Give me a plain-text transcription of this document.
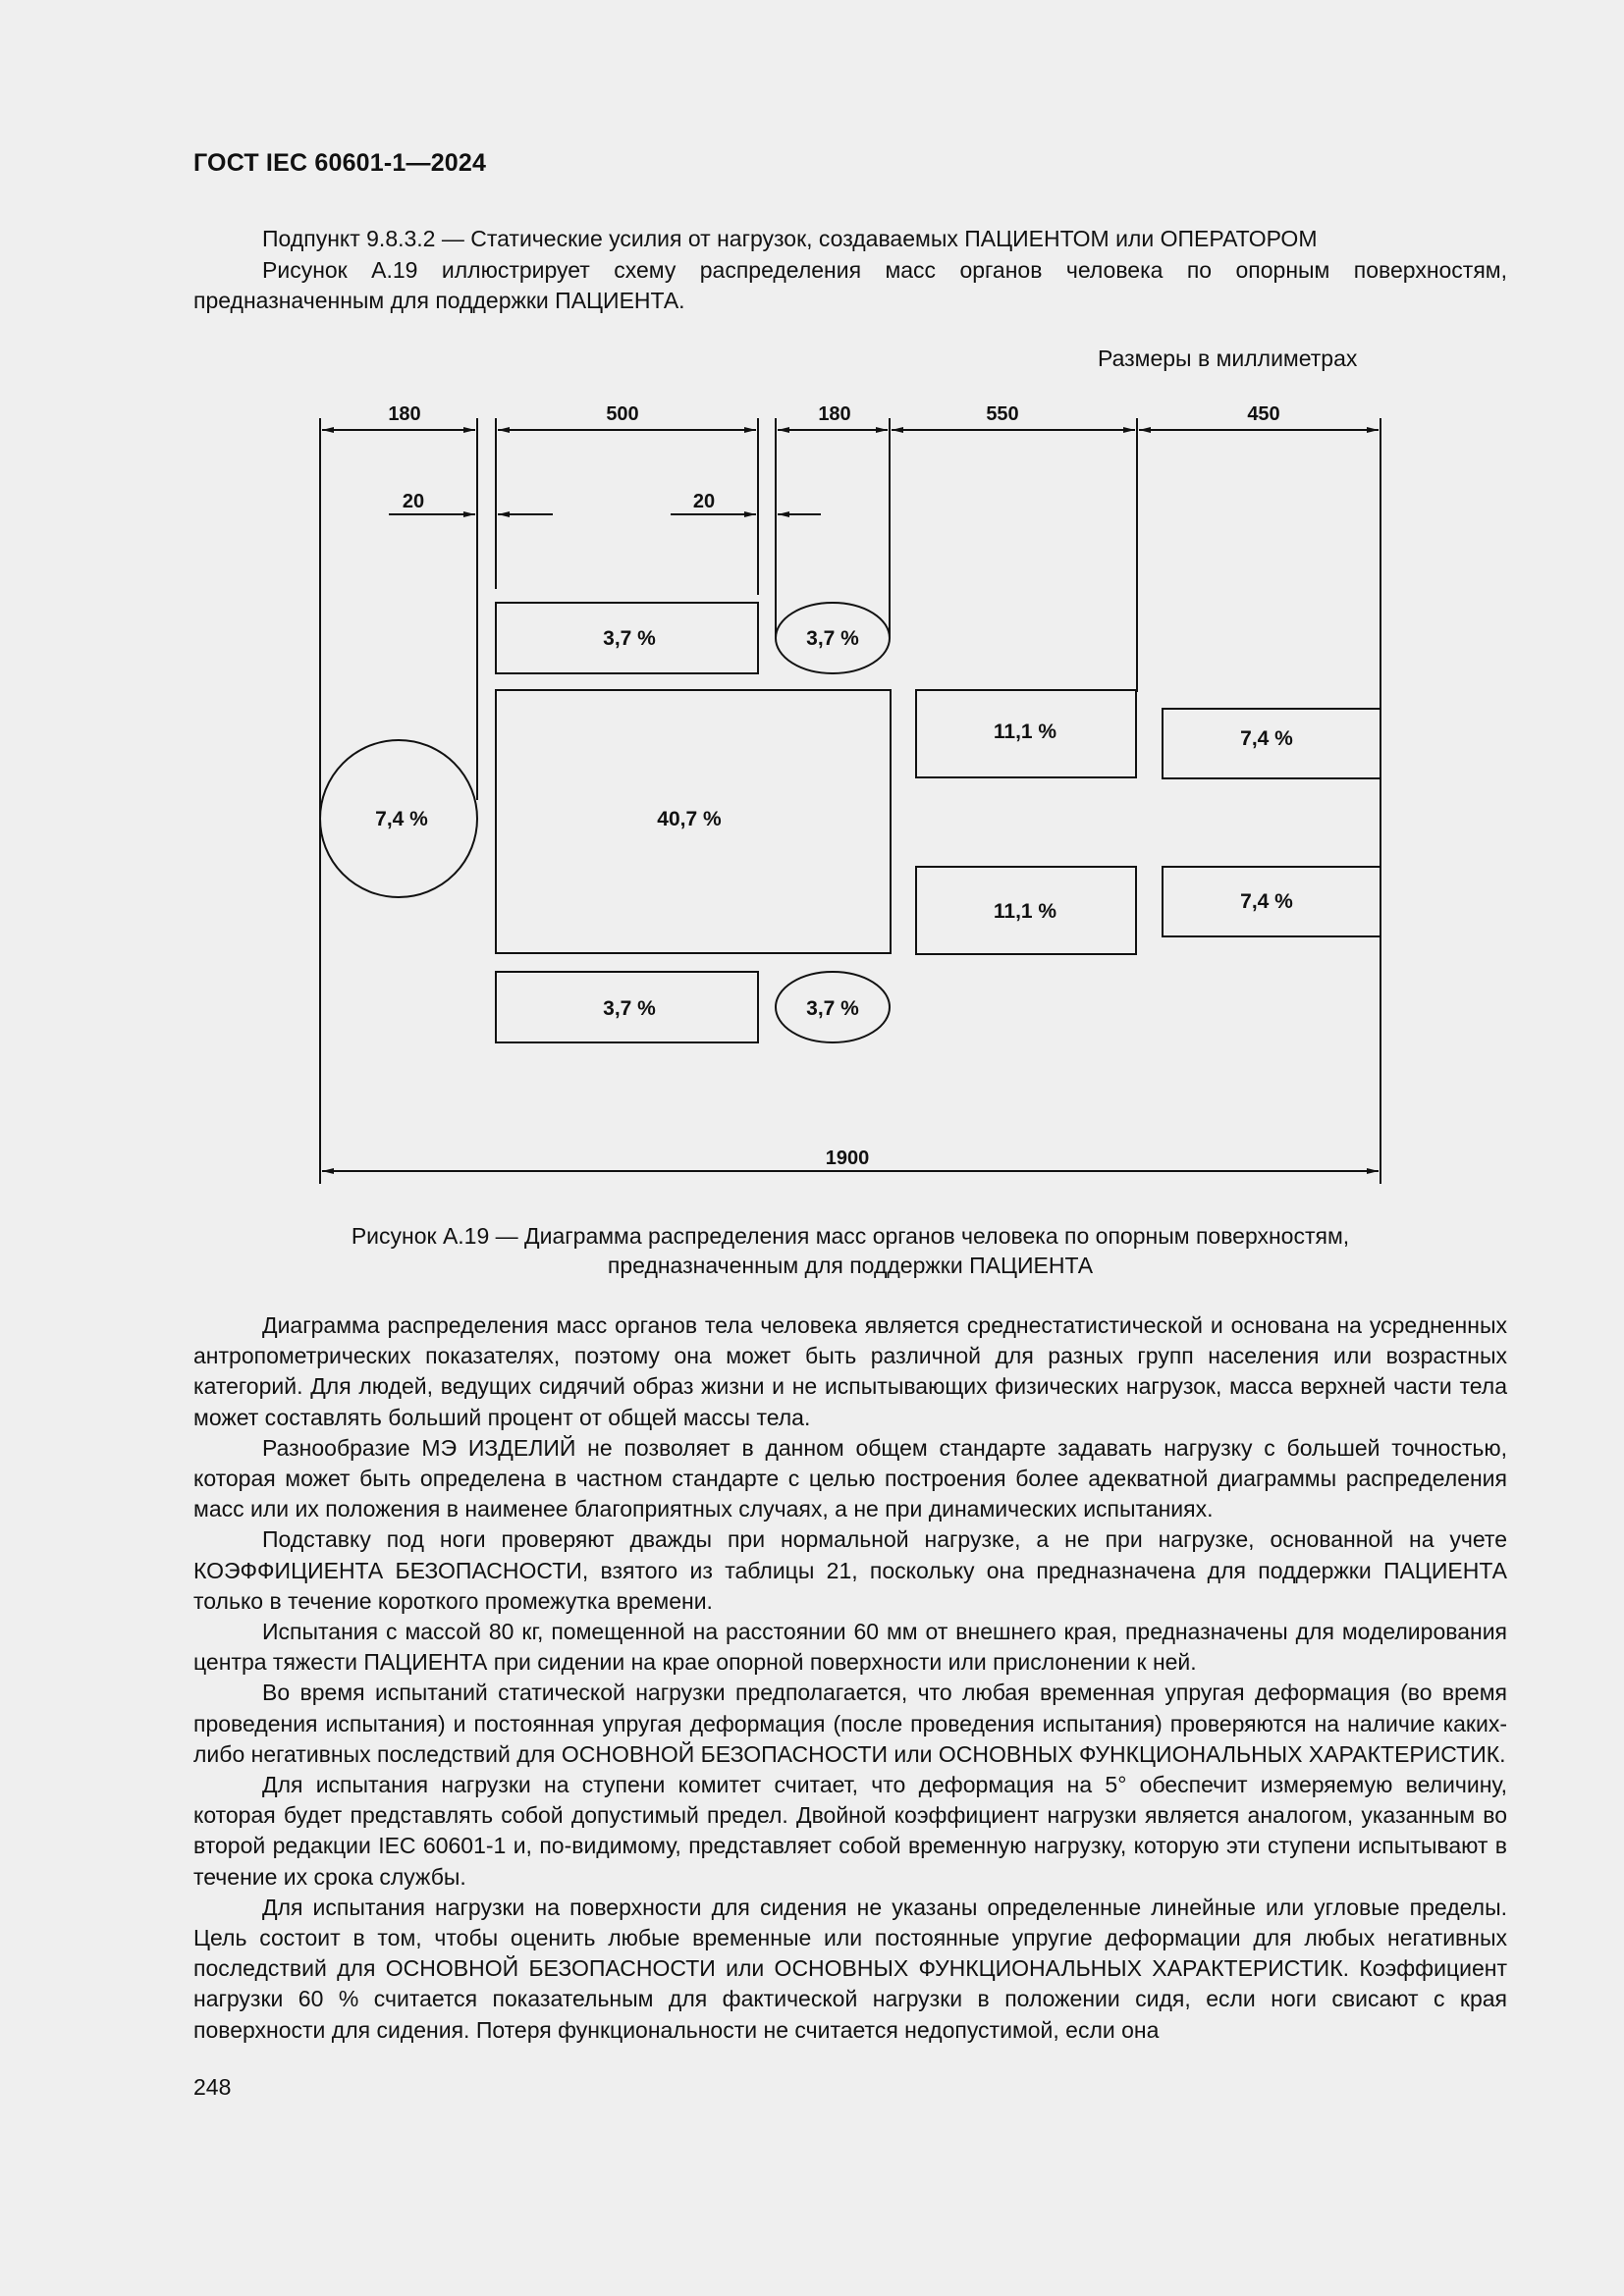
ГОСТ IEC 60601-1—2024

Подпункт 9.8.3.2 — Статические усилия от нагрузок, создаваемых ПАЦИЕНТОМ или ОПЕРАТОРОМ

Рисунок А.19 иллюстрирует схему распределения масс органов человека по опорным поверхностям, предназначенным для поддержки ПАЦИЕНТА.

Размеры в миллиметрах
180	500	180	550	450
20	20
1900
7,4 %
3,7 %	3,7 %
40,7 %
3,7 %	3,7 %
11,1 %
11,1 %
7,4 %
7,4 %
Рисунок А.19 — Диаграмма распределения масс органов человека по опорным поверхностям,
предназначенным для поддержки ПАЦИЕНТА

Диаграмма распределения масс органов тела человека является среднестатистической и основана на усредненных антропометрических показателях, поэтому она может быть различной для разных групп населения или возрастных категорий. Для людей, ведущих сидячий образ жизни и не испытывающих физических нагрузок, масса верхней части тела может составлять больший процент от общей массы тела.

Разнообразие МЭ ИЗДЕЛИЙ не позволяет в данном общем стандарте задавать нагрузку с большей точностью, которая может быть определена в частном стандарте с целью построения более адекватной диаграммы распределения масс или их положения в наименее благоприятных случаях, а не при динамических испытаниях.

Подставку под ноги проверяют дважды при нормальной нагрузке, а не при нагрузке, основанной на учете КОЭФФИЦИЕНТА БЕЗОПАСНОСТИ, взятого из таблицы 21, поскольку она предназначена для поддержки ПАЦИЕНТА только в течение короткого промежутка времени.

Испытания с массой 80 кг, помещенной на расстоянии 60 мм от внешнего края, предназначены для моделирования центра тяжести ПАЦИЕНТА при сидении на крае опорной поверхности или прислонении к ней.

Во время испытаний статической нагрузки предполагается, что любая временная упругая деформация (во время проведения испытания) и постоянная упругая деформация (после проведения испытания) проверяются на наличие каких-либо негативных последствий для ОСНОВНОЙ БЕЗОПАСНОСТИ или ОСНОВНЫХ ФУНКЦИОНАЛЬНЫХ ХАРАКТЕРИСТИК.

Для испытания нагрузки на ступени комитет считает, что деформация на 5° обеспечит измеряемую величину, которая будет представлять собой допустимый предел. Двойной коэффициент нагрузки является аналогом, указанным во второй редакции IEC 60601-1 и, по-видимому, представляет собой временную нагрузку, которую эти ступени испытывают в течение их срока службы.

Для испытания нагрузки на поверхности для сидения не указаны определенные линейные или угловые пределы. Цель состоит в том, чтобы оценить любые временные или постоянные упругие деформации для любых негативных последствий для ОСНОВНОЙ БЕЗОПАСНОСТИ или ОСНОВНЫХ ФУНКЦИОНАЛЬНЫХ ХАРАКТЕРИСТИК. Коэффициент нагрузки 60 % считается показательным для фактической нагрузки в положении сидя, если ноги свисают с края поверхности для сидения. Потеря функциональности не считается недопустимой, если она

248
